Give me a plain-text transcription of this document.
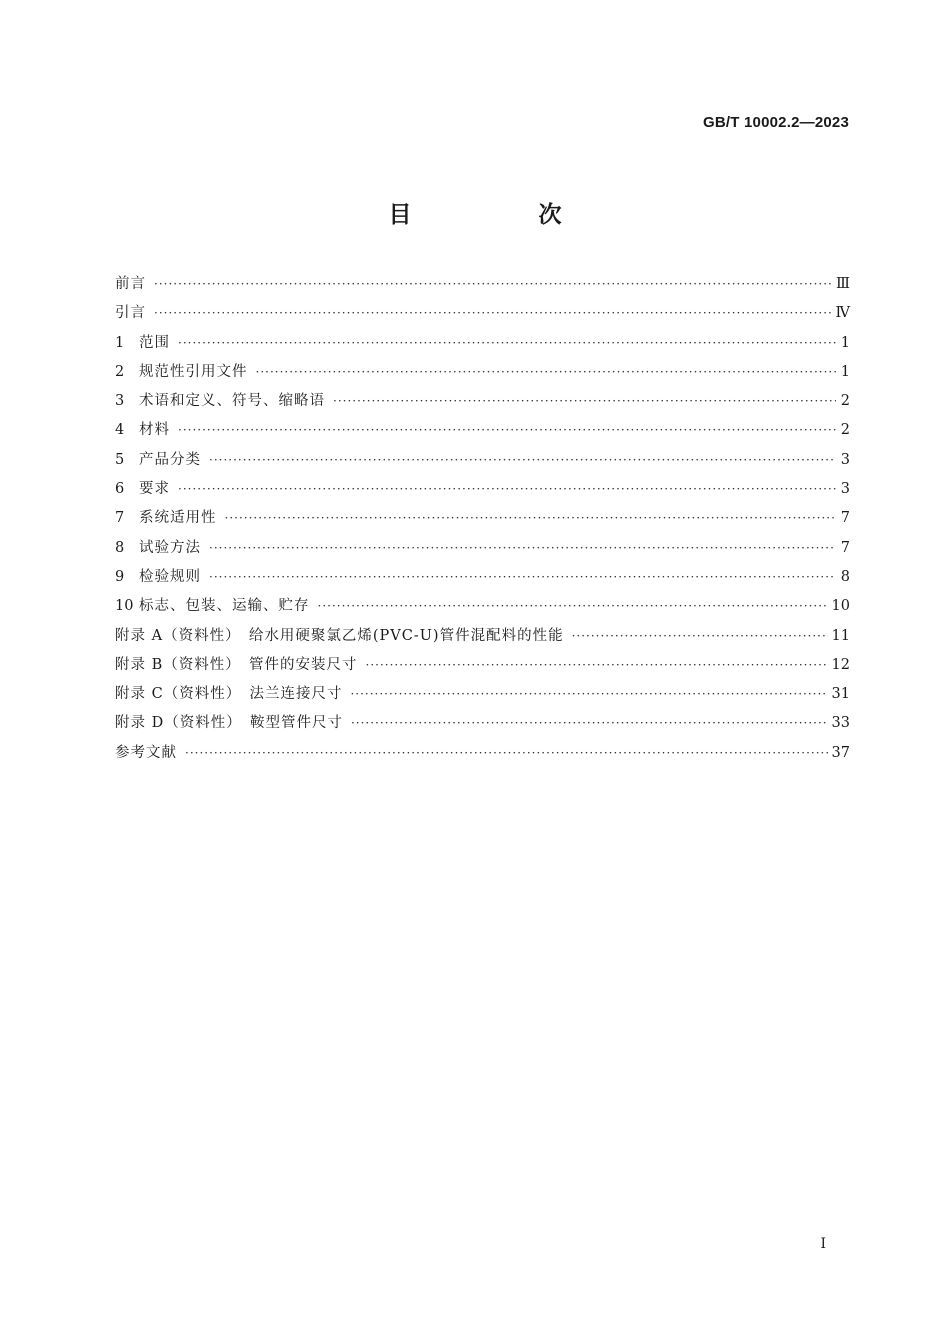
GB/T 10002.2—2023
目　次
前言 ·····	Ⅲ
引言 ·····	Ⅳ
1	范围 ·····	1
2	规范性引用文件 ·····	1
3	术语和定义、符号、缩略语 ·····	2
4	材料 ·····	2
5	产品分类 ·····	3
6	要求 ·····	3
7	系统适用性 ·····	7
8	试验方法 ·····	7
9	检验规则 ·····	8
10 标志、包装、运输、贮存 ·····	10
附录 A（资料性）　给水用硬聚氯乙烯(PVC-U)管件混配料的性能 ·····	11
附录 B（资料性）　管件的安装尺寸 ·····	12
附录 C（资料性）　法兰连接尺寸 ·····	31
附录 D（资料性）　鞍型管件尺寸 ·····	33
参考文献 ·····	37
I
